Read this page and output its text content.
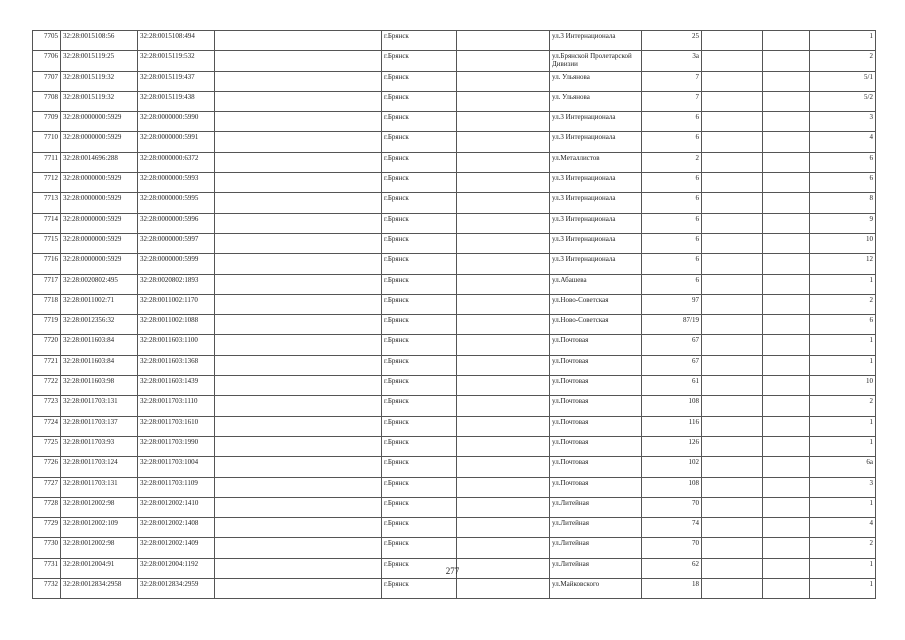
7705	32:28:0015108:56	32:28:0015108:494		г.Брянск		ул.3 Интернационала	25			1
7706	32:28:0015119:25	32:28:0015119:532		г.Брянск		ул.Брянской Пролетарской Дивизии	3а			2
7707	32:28:0015119:32	32:28:0015119:437		г.Брянск		ул. Ульянова	7			5/1
7708	32:28:0015119:32	32:28:0015119:438		г.Брянск		ул. Ульянова	7			5/2
7709	32:28:0000000:5929	32:28:0000000:5990		г.Брянск		ул.3 Интернационала	6			3
7710	32:28:0000000:5929	32:28:0000000:5991		г.Брянск		ул.3 Интернационала	6			4
7711	32:28:0014696:288	32:28:0000000:6372		г.Брянск		ул.Металлистов	2			6
7712	32:28:0000000:5929	32:28:0000000:5993		г.Брянск		ул.3 Интернационала	6			6
7713	32:28:0000000:5929	32:28:0000000:5995		г.Брянск		ул.3 Интернационала	6			8
7714	32:28:0000000:5929	32:28:0000000:5996		г.Брянск		ул.3 Интернационала	6			9
7715	32:28:0000000:5929	32:28:0000000:5997		г.Брянск		ул.3 Интернационала	6			10
7716	32:28:0000000:5929	32:28:0000000:5999		г.Брянск		ул.3 Интернационала	6			12
7717	32:28:0020802:495	32:28:0020802:1893		г.Брянск		ул.Абашева	6			1
7718	32:28:0011002:71	32:28:0011002:1170		г.Брянск		ул.Ново-Советская	97			2
7719	32:28:0012356:32	32:28:0011002:1088		г.Брянск		ул.Ново-Советская	87/19			6
7720	32:28:0011603:84	32:28:0011603:1100		г.Брянск		ул.Почтовая	67			1
7721	32:28:0011603:84	32:28:0011603:1368		г.Брянск		ул.Почтовая	67			1
7722	32:28:0011603:98	32:28:0011603:1439		г.Брянск		ул.Почтовая	61			10
7723	32:28:0011703:131	32:28:0011703:1110		г.Брянск		ул.Почтовая	108			2
7724	32:28:0011703:137	32:28:0011703:1610		г.Брянск		ул.Почтовая	116			1
7725	32:28:0011703:93	32:28:0011703:1990		г.Брянск		ул.Почтовая	126			1
7726	32:28:0011703:124	32:28:0011703:1004		г.Брянск		ул.Почтовая	102			6а
7727	32:28:0011703:131	32:28:0011703:1109		г.Брянск		ул.Почтовая	108			3
7728	32:28:0012002:98	32:28:0012002:1410		г.Брянск		ул.Литейная	70			1
7729	32:28:0012002:109	32:28:0012002:1408		г.Брянск		ул.Литейная	74			4
7730	32:28:0012002:98	32:28:0012002:1409		г.Брянск		ул.Литейная	70			2
7731	32:28:0012004:91	32:28:0012004:1192		г.Брянск		ул.Литейная	62			1
7732	32:28:0012834:2958	32:28:0012834:2959		г.Брянск		ул.Майковского	18			1
277
